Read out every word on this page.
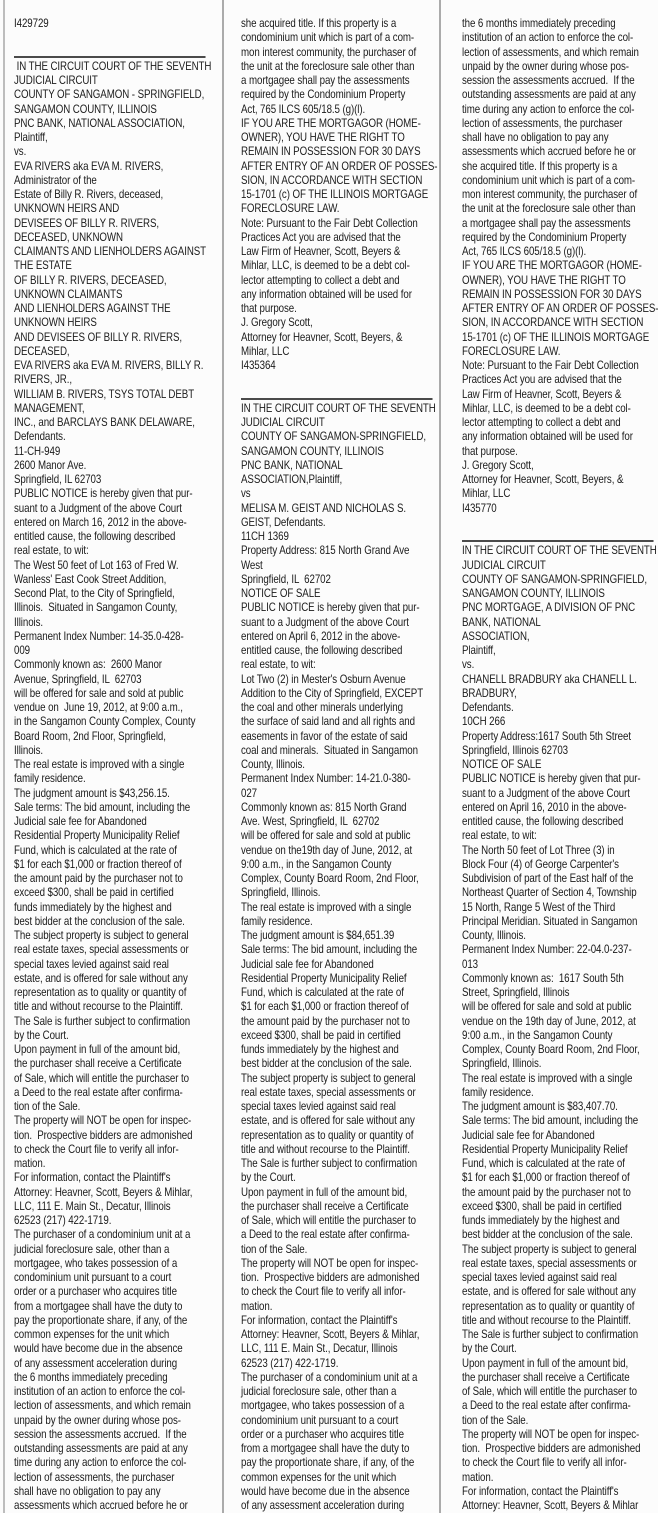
I429729
IN THE CIRCUIT COURT OF THE SEVENTH
JUDICIAL CIRCUIT
COUNTY OF SANGAMON - SPRINGFIELD,
SANGAMON COUNTY, ILLINOIS
PNC BANK, NATIONAL ASSOCIATION,
Plaintiff,
vs.
EVA RIVERS aka EVA M. RIVERS,
Administrator of the
Estate of Billy R. Rivers, deceased,
UNKNOWN HEIRS AND
DEVISEES OF BILLY R. RIVERS,
DECEASED, UNKNOWN
CLAIMANTS AND LIENHOLDERS AGAINST
THE ESTATE
OF BILLY R. RIVERS, DECEASED,
UNKNOWN CLAIMANTS
AND LIENHOLDERS AGAINST THE
UNKNOWN HEIRS
AND DEVISEES OF BILLY R. RIVERS,
DECEASED,
EVA RIVERS aka EVA M. RIVERS, BILLY R.
RIVERS, JR.,
WILLIAM B. RIVERS, TSYS TOTAL DEBT
MANAGEMENT,
INC., and BARCLAYS BANK DELAWARE,
Defendants.
11-CH-949
2600 Manor Ave.
Springfield, IL 62703
PUBLIC NOTICE is hereby given that pur-
suant to a Judgment of the above Court
entered on March 16, 2012 in the above-
entitled cause, the following described
real estate, to wit:
The West 50 feet of Lot 163 of Fred W.
Wanless' East Cook Street Addition,
Second Plat, to the City of Springfield,
Illinois.  Situated in Sangamon County,
Illinois.
Permanent Index Number: 14-35.0-428-
009
Commonly known as:  2600 Manor
Avenue, Springfield, IL  62703
will be offered for sale and sold at public
vendue on  June 19, 2012, at 9:00 a.m.,
in the Sangamon County Complex, County
Board Room, 2nd Floor, Springfield,
Illinois.
The real estate is improved with a single
family residence.
The judgment amount is $43,256.15.
Sale terms: The bid amount, including the
Judicial sale fee for Abandoned
Residential Property Municipality Relief
Fund, which is calculated at the rate of
$1 for each $1,000 or fraction thereof of
the amount paid by the purchaser not to
exceed $300, shall be paid in certified
funds immediately by the highest and
best bidder at the conclusion of the sale.
The subject property is subject to general
real estate taxes, special assessments or
special taxes levied against said real
estate, and is offered for sale without any
representation as to quality or quantity of
title and without recourse to the Plaintiff.
The Sale is further subject to confirmation
by the Court.
Upon payment in full of the amount bid,
the purchaser shall receive a Certificate
of Sale, which will entitle the purchaser to
a Deed to the real estate after confirma-
tion of the Sale.
The property will NOT be open for inspec-
tion.  Prospective bidders are admonished
to check the Court file to verify all infor-
mation.
For information, contact the Plaintiff's
Attorney: Heavner, Scott, Beyers & Mihlar,
LLC, 111 E. Main St., Decatur, Illinois
62523 (217) 422-1719.
The purchaser of a condominium unit at a
judicial foreclosure sale, other than a
mortgagee, who takes possession of a
condominium unit pursuant to a court
order or a purchaser who acquires title
from a mortgagee shall have the duty to
pay the proportionate share, if any, of the
common expenses for the unit which
would have become due in the absence
of any assessment acceleration during
the 6 months immediately preceding
institution of an action to enforce the col-
lection of assessments, and which remain
unpaid by the owner during whose pos-
session the assessments accrued.  If the
outstanding assessments are paid at any
time during any action to enforce the col-
lection of assessments, the purchaser
shall have no obligation to pay any
assessments which accrued before he or
she acquired title. If this property is a
condominium unit which is part of a com-
mon interest community, the purchaser of
the unit at the foreclosure sale other than
a mortgagee shall pay the assessments
required by the Condominium Property
Act, 765 ILCS 605/18.5 (g)(l).
IF YOU ARE THE MORTGAGOR (HOME-
OWNER), YOU HAVE THE RIGHT TO
REMAIN IN POSSESSION FOR 30 DAYS
AFTER ENTRY OF AN ORDER OF POSSES-
SION, IN ACCORDANCE WITH SECTION
15-1701 (c) OF THE ILLINOIS MORTGAGE
FORECLOSURE LAW.
Note: Pursuant to the Fair Debt Collection
Practices Act you are advised that the
Law Firm of Heavner, Scott, Beyers &
Mihlar, LLC, is deemed to be a debt col-
lector attempting to collect a debt and
any information obtained will be used for
that purpose.
J. Gregory Scott,
Attorney for Heavner, Scott, Beyers, &
Mihlar, LLC
I435364
IN THE CIRCUIT COURT OF THE SEVENTH
JUDICIAL CIRCUIT
COUNTY OF SANGAMON-SPRINGFIELD,
SANGAMON COUNTY, ILLINOIS
PNC BANK, NATIONAL
ASSOCIATION,Plaintiff,
vs
MELISA M. GEIST AND NICHOLAS S.
GEIST, Defendants.
11CH 1369
Property Address: 815 North Grand Ave
West
Springfield, IL  62702
NOTICE OF SALE
PUBLIC NOTICE is hereby given that pur-
suant to a Judgment of the above Court
entered on April 6, 2012 in the above-
entitled cause, the following described
real estate, to wit:
Lot Two (2) in Mester's Osburn Avenue
Addition to the City of Springfield, EXCEPT
the coal and other minerals underlying
the surface of said land and all rights and
easements in favor of the estate of said
coal and minerals.  Situated in Sangamon
County, Illinois.
Permanent Index Number: 14-21.0-380-
027
Commonly known as: 815 North Grand
Ave. West, Springfield, IL  62702
will be offered for sale and sold at public
vendue on the19th day of June, 2012, at
9:00 a.m., in the Sangamon County
Complex, County Board Room, 2nd Floor,
Springfield, Illinois.
The real estate is improved with a single
family residence.
The judgment amount is $84,651.39
Sale terms: The bid amount, including the
Judicial sale fee for Abandoned
Residential Property Municipality Relief
Fund, which is calculated at the rate of
$1 for each $1,000 or fraction thereof of
the amount paid by the purchaser not to
exceed $300, shall be paid in certified
funds immediately by the highest and
best bidder at the conclusion of the sale.
The subject property is subject to general
real estate taxes, special assessments or
special taxes levied against said real
estate, and is offered for sale without any
representation as to quality or quantity of
title and without recourse to the Plaintiff.
The Sale is further subject to confirmation
by the Court.
Upon payment in full of the amount bid,
the purchaser shall receive a Certificate
of Sale, which will entitle the purchaser to
a Deed to the real estate after confirma-
tion of the Sale.
The property will NOT be open for inspec-
tion.  Prospective bidders are admonished
to check the Court file to verify all infor-
mation.
For information, contact the Plaintiff's
Attorney: Heavner, Scott, Beyers & Mihlar,
LLC, 111 E. Main St., Decatur, Illinois
62523 (217) 422-1719.
The purchaser of a condominium unit at a
judicial foreclosure sale, other than a
mortgagee, who takes possession of a
condominium unit pursuant to a court
order or a purchaser who acquires title
from a mortgagee shall have the duty to
pay the proportionate share, if any, of the
common expenses for the unit which
would have become due in the absence
of any assessment acceleration during
the 6 months immediately preceding
institution of an action to enforce the col-
lection of assessments, and which remain
unpaid by the owner during whose pos-
session the assessments accrued.  If the
outstanding assessments are paid at any
time during any action to enforce the col-
lection of assessments, the purchaser
shall have no obligation to pay any
assessments which accrued before he or
she acquired title. If this property is a
condominium unit which is part of a com-
mon interest community, the purchaser of
the unit at the foreclosure sale other than
a mortgagee shall pay the assessments
required by the Condominium Property
Act, 765 ILCS 605/18.5 (g)(l).
IF YOU ARE THE MORTGAGOR (HOME-
OWNER), YOU HAVE THE RIGHT TO
REMAIN IN POSSESSION FOR 30 DAYS
AFTER ENTRY OF AN ORDER OF POSSES-
SION, IN ACCORDANCE WITH SECTION
15-1701 (c) OF THE ILLINOIS MORTGAGE
FORECLOSURE LAW.
Note: Pursuant to the Fair Debt Collection
Practices Act you are advised that the
Law Firm of Heavner, Scott, Beyers &
Mihlar, LLC, is deemed to be a debt col-
lector attempting to collect a debt and
any information obtained will be used for
that purpose.
J. Gregory Scott,
Attorney for Heavner, Scott, Beyers, &
Mihlar, LLC
I435770
IN THE CIRCUIT COURT OF THE SEVENTH
JUDICIAL CIRCUIT
COUNTY OF SANGAMON-SPRINGFIELD,
SANGAMON COUNTY, ILLINOIS
PNC MORTGAGE, A DIVISION OF PNC
BANK, NATIONAL
ASSOCIATION,
Plaintiff,
vs.
CHANELL BRADBURY aka CHANELL L.
BRADBURY,
Defendants.
10CH 266
Property Address:1617 South 5th Street
Springfield, Illinois 62703
NOTICE OF SALE
PUBLIC NOTICE is hereby given that pur-
suant to a Judgment of the above Court
entered on April 16, 2010 in the above-
entitled cause, the following described
real estate, to wit:
The North 50 feet of Lot Three (3) in
Block Four (4) of George Carpenter's
Subdivision of part of the East half of the
Northeast Quarter of Section 4, Township
15 North, Range 5 West of the Third
Principal Meridian. Situated in Sangamon
County, Illinois.
Permanent Index Number: 22-04.0-237-
013
Commonly known as:  1617 South 5th
Street, Springfield, Illinois
will be offered for sale and sold at public
vendue on the 19th day of June, 2012, at
9:00 a.m., in the Sangamon County
Complex, County Board Room, 2nd Floor,
Springfield, Illinois.
The real estate is improved with a single
family residence.
The judgment amount is $83,407.70.
Sale terms: The bid amount, including the
Judicial sale fee for Abandoned
Residential Property Municipality Relief
Fund, which is calculated at the rate of
$1 for each $1,000 or fraction thereof of
the amount paid by the purchaser not to
exceed $300, shall be paid in certified
funds immediately by the highest and
best bidder at the conclusion of the sale.
The subject property is subject to general
real estate taxes, special assessments or
special taxes levied against said real
estate, and is offered for sale without any
representation as to quality or quantity of
title and without recourse to the Plaintiff.
The Sale is further subject to confirmation
by the Court.
Upon payment in full of the amount bid,
the purchaser shall receive a Certificate
of Sale, which will entitle the purchaser to
a Deed to the real estate after confirma-
tion of the Sale.
The property will NOT be open for inspec-
tion.  Prospective bidders are admonished
to check the Court file to verify all infor-
mation.
For information, contact the Plaintiff's
Attorney: Heavner, Scott, Beyers & Mihlar
